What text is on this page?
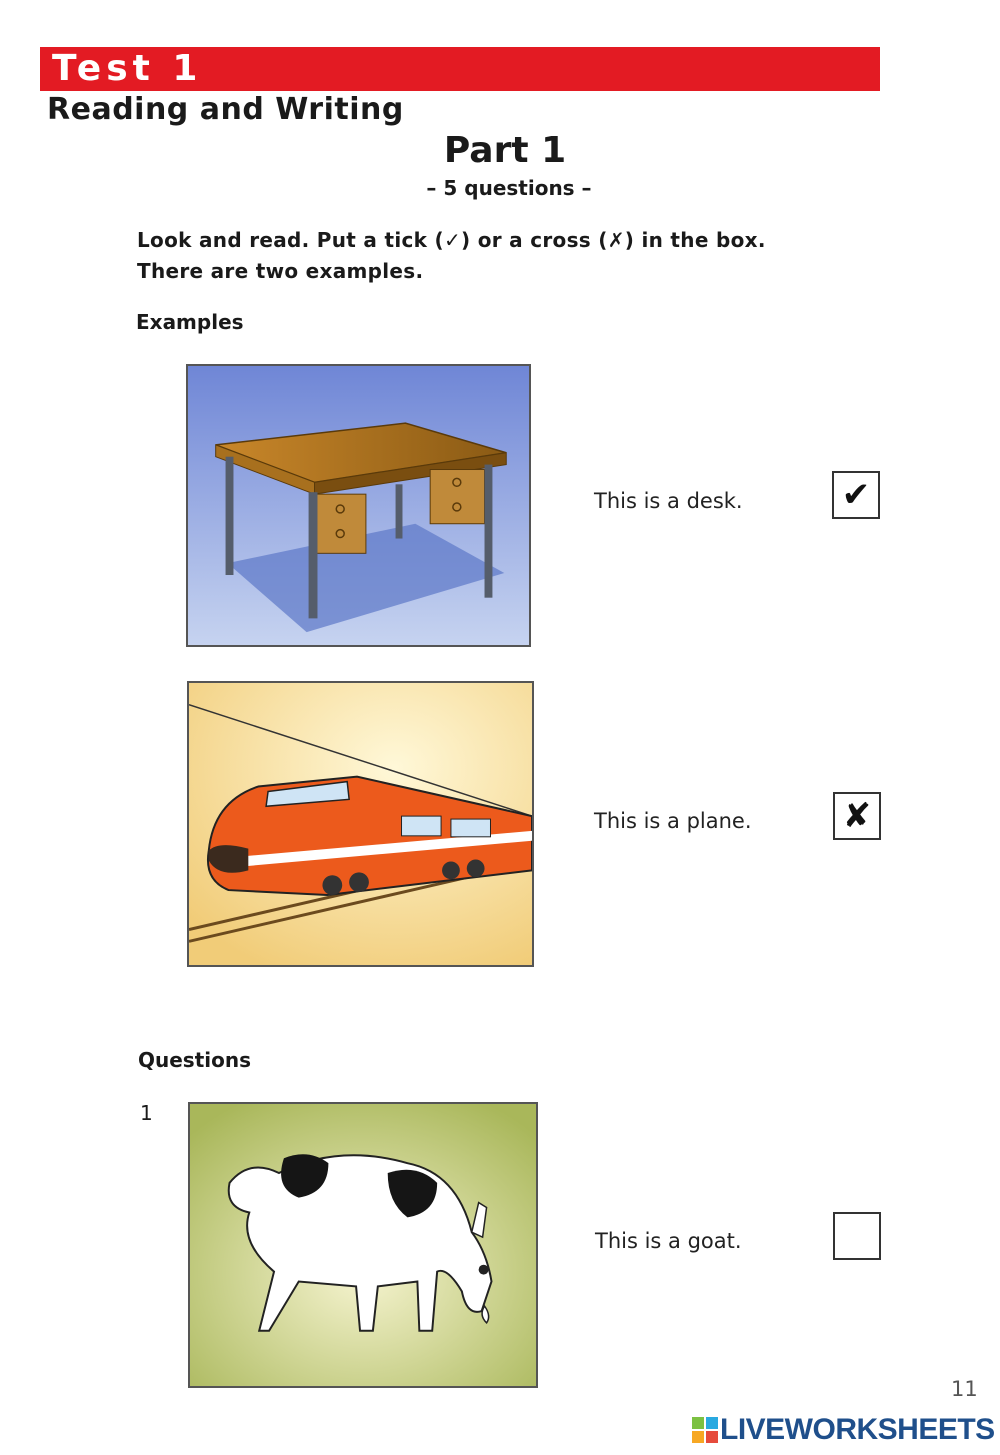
Test 1
Reading and Writing
Part 1
– 5 questions –
Look and read. Put a tick (✓) or a cross (✗) in the box.
There are two examples.
Examples
This is a desk.	✔
This is a plane.	✘
Questions
1
This is a goat.
11
LIVEWORKSHEETS
